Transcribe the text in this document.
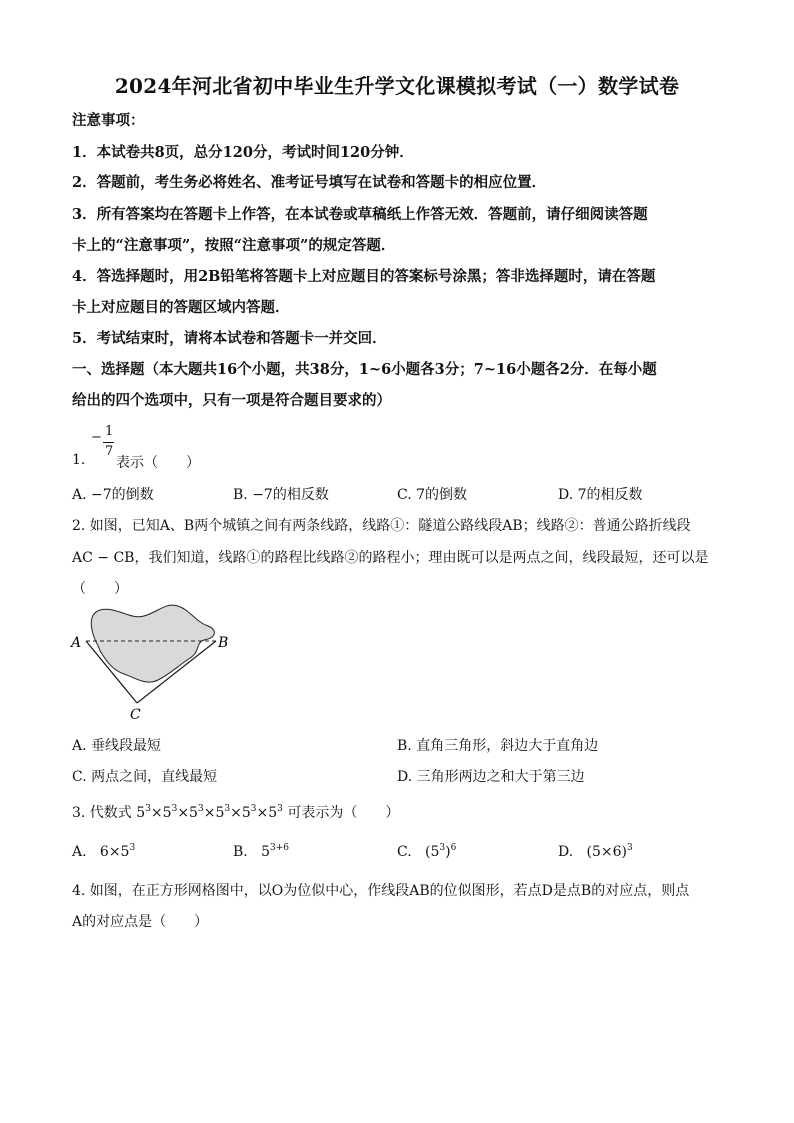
2024年河北省初中毕业生升学文化课模拟考试（一）数学试卷
注意事项：
1．本试卷共8页，总分120分，考试时间120分钟．
2．答题前，考生务必将姓名、准考证号填写在试卷和答题卡的相应位置．
3．所有答案均在答题卡上作答，在本试卷或草稿纸上作答无效．答题前，请仔细阅读答题
卡上的“注意事项”，按照“注意事项”的规定答题．
4．答选择题时，用2B铅笔将答题卡上对应题目的答案标号涂黑；答非选择题时，请在答题
卡上对应题目的答题区域内答题．
5．考试结束时，请将本试卷和答题卡一并交回．
一、选择题（本大题共16个小题，共38分，1~6小题各3分；7~16小题各2分．在每小题
给出的四个选项中，只有一项是符合题目要求的）
− 1
7
1.	表示（　　）
A. −7的倒数	B. −7的相反数	C. 7的倒数	D. 7的相反数
2. 如图，已知A、B两个城镇之间有两条线路，线路①：隧道公路线段AB；线路②：普通公路折线段
AC − CB，我们知道，线路①的路程比线路②的路程小；理由既可以是两点之间，线段最短，还可以是
（　　）
A	B
C
A. 垂线段最短	B. 直角三角形，斜边大于直角边
C. 两点之间，直线最短	D. 三角形两边之和大于第三边
3. 代数式 $5^3\times 5^3\times 5^3\times 5^3\times 5^3\times 5^3$ 可表示为（　　）
A. $6\times 5^3$	B. $5^{3+6}$	C. $(5^3)^6$	D. $(5\times 6)^3$
4. 如图，在正方形网格图中，以O为位似中心，作线段AB的位似图形，若点D是点B的对应点，则点
A的对应点是（　　）
